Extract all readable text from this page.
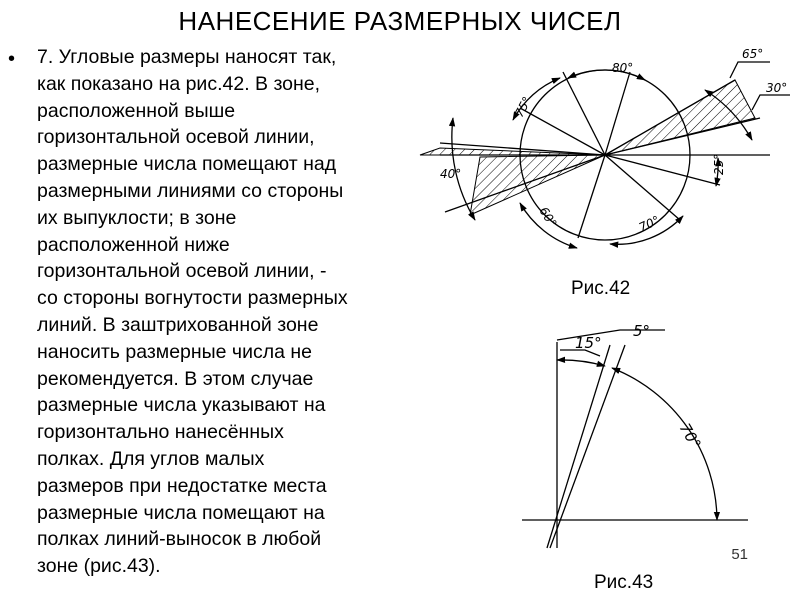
НАНЕСЕНИЕ РАЗМЕРНЫХ ЧИСЕЛ
• 7. Угловые размеры наносят так,
как показано на рис.42. В зоне,
расположенной выше
горизонтальной осевой линии,
размерные числа помещают над
размерными линиями со стороны
их выпуклости; в зоне
расположенной ниже
горизонтальной осевой линии, -
со стороны вогнутости размерных
линий. В заштрихованной зоне
наносить размерные числа не
рекомендуется. В этом случае
размерные числа указывают на
горизонтально нанесённых
полках. Для углов малых
размеров при недостатке места
размерные числа помещают на
полках линий-выносок в любой
зоне (рис.43).

80°
65°
30°
75°
40°	25°
60°	70°
15°
5°
70°
Рис.42
Рис.43
51
